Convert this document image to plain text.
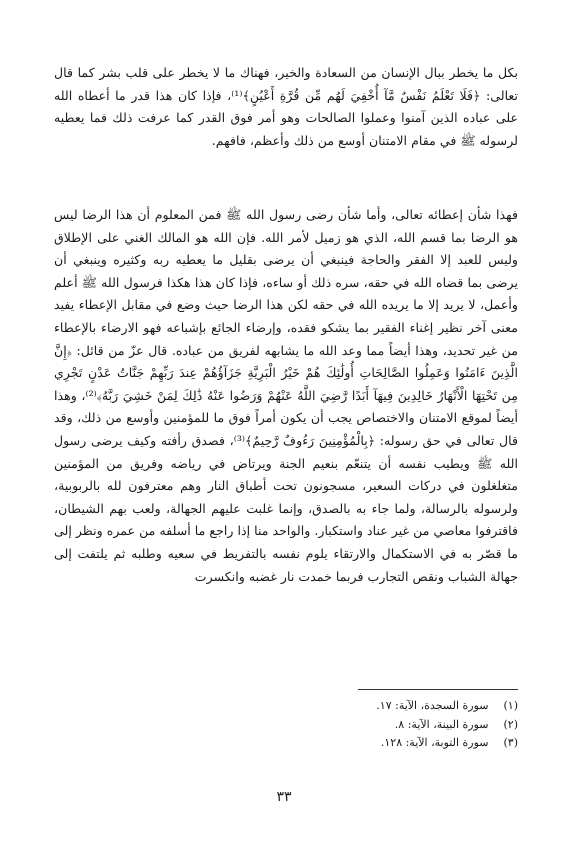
بكل ما يخطر ببال الإنسان من السعادة والخير، فهناك ما لا يخطر على قلب بشر كما قال تعالى: ﴿فَلَا تَعْلَمُ نَفْسٌ مَّآ أُخْفِيَ لَهُم مِّن قُرَّةِ أَعْيُنٍ﴾⁽¹⁾، فإذا كان هذا قدر ما أعطاه الله على عباده الذين آمنوا وعملوا الصالحات وهو أمر فوق القدر كما عرفت ذلك فما يعطيه لرسوله ﷺ في مقام الامتنان أوسع من ذلك وأعظم، فافهم.

فهذا شأن إعطائه تعالى، وأما شأن رضى رسول الله ﷺ فمن المعلوم أن هذا الرضا ليس هو الرضا بما قسم الله، الذي هو زميل لأمر الله. فإن الله هو المالك الغني على الإطلاق وليس للعبد إلا الفقر والحاجة فينبغي أن يرضى بقليل ما يعطيه ربه وكثيره وينبغي أن يرضى بما قضاه الله في حقه، سره ذلك أو ساءه، فإذا كان هذا هكذا فرسول الله ﷺ أعلم وأعمل، لا يريد إلا ما يريده الله في حقه لكن هذا الرضا حيث وضع في مقابل الإعطاء يفيد معنى آخر نظير إغناء الفقير بما يشكو فقده، وإرضاء الجائع بإشباعه فهو الارضاء بالإعطاء من غير تحديد، وهذا أيضاً مما وعد الله ما يشابهه لفريق من عباده. قال عزّ من قائل: ﴿إِنَّ الَّذِينَ ءَامَنُوا وَعَمِلُوا الصَّالِحَاتِ أُولَٰئِكَ هُمْ خَيْرُ الْبَرِيَّةِ جَزَآؤُهُمْ عِندَ رَبِّهِمْ جَنَّاتُ عَدْنٍ تَجْرِي مِن تَحْتِهَا الْأَنْهَارُ خَالِدِينَ فِيهَآ أَبَدًا رَّضِيَ اللَّهُ عَنْهُمْ وَرَضُوا عَنْهُ ذَٰلِكَ لِمَنْ خَشِيَ رَبَّهُ﴾⁽²⁾، وهذا أيضاً لموقع الامتنان والاختصاص يجب أن يكون أمراً فوق ما للمؤمنين وأوسع من ذلك، وقد قال تعالى في حق رسوله: ﴿بِالْمُؤْمِنِينَ رَءُوفٌ رَّحِيمٌ﴾⁽³⁾، فصدق رأفته وكيف يرضى رسول الله ﷺ ويطيب نفسه أن يتنعّم بنعيم الجنة ويرتاض في رياضه وفريق من المؤمنين متغلغلون في دركات السعير، مسجونون تحت أطباق النار وهم معترفون لله بالربوبية، ولرسوله بالرسالة، ولما جاء به بالصدق، وإنما غلبت عليهم الجهالة، ولعب بهم الشيطان، فاقترفوا معاصي من غير عناد واستكبار. والواحد منا إذا راجع ما أسلفه من عمره ونظر إلى ما قصّر به في الاستكمال والارتقاء يلوم نفسه بالتفريط في سعيه وطلبه ثم يلتفت إلى جهالة الشباب ونقص التجارب فربما خمدت نار غضبه وانكسرت

(١) سورة السجدة، الآية: ١٧.
(٢) سورة البينة، الآية: ٨.
(٣) سورة التوبة، الآية: ١٢٨.
٣٣
